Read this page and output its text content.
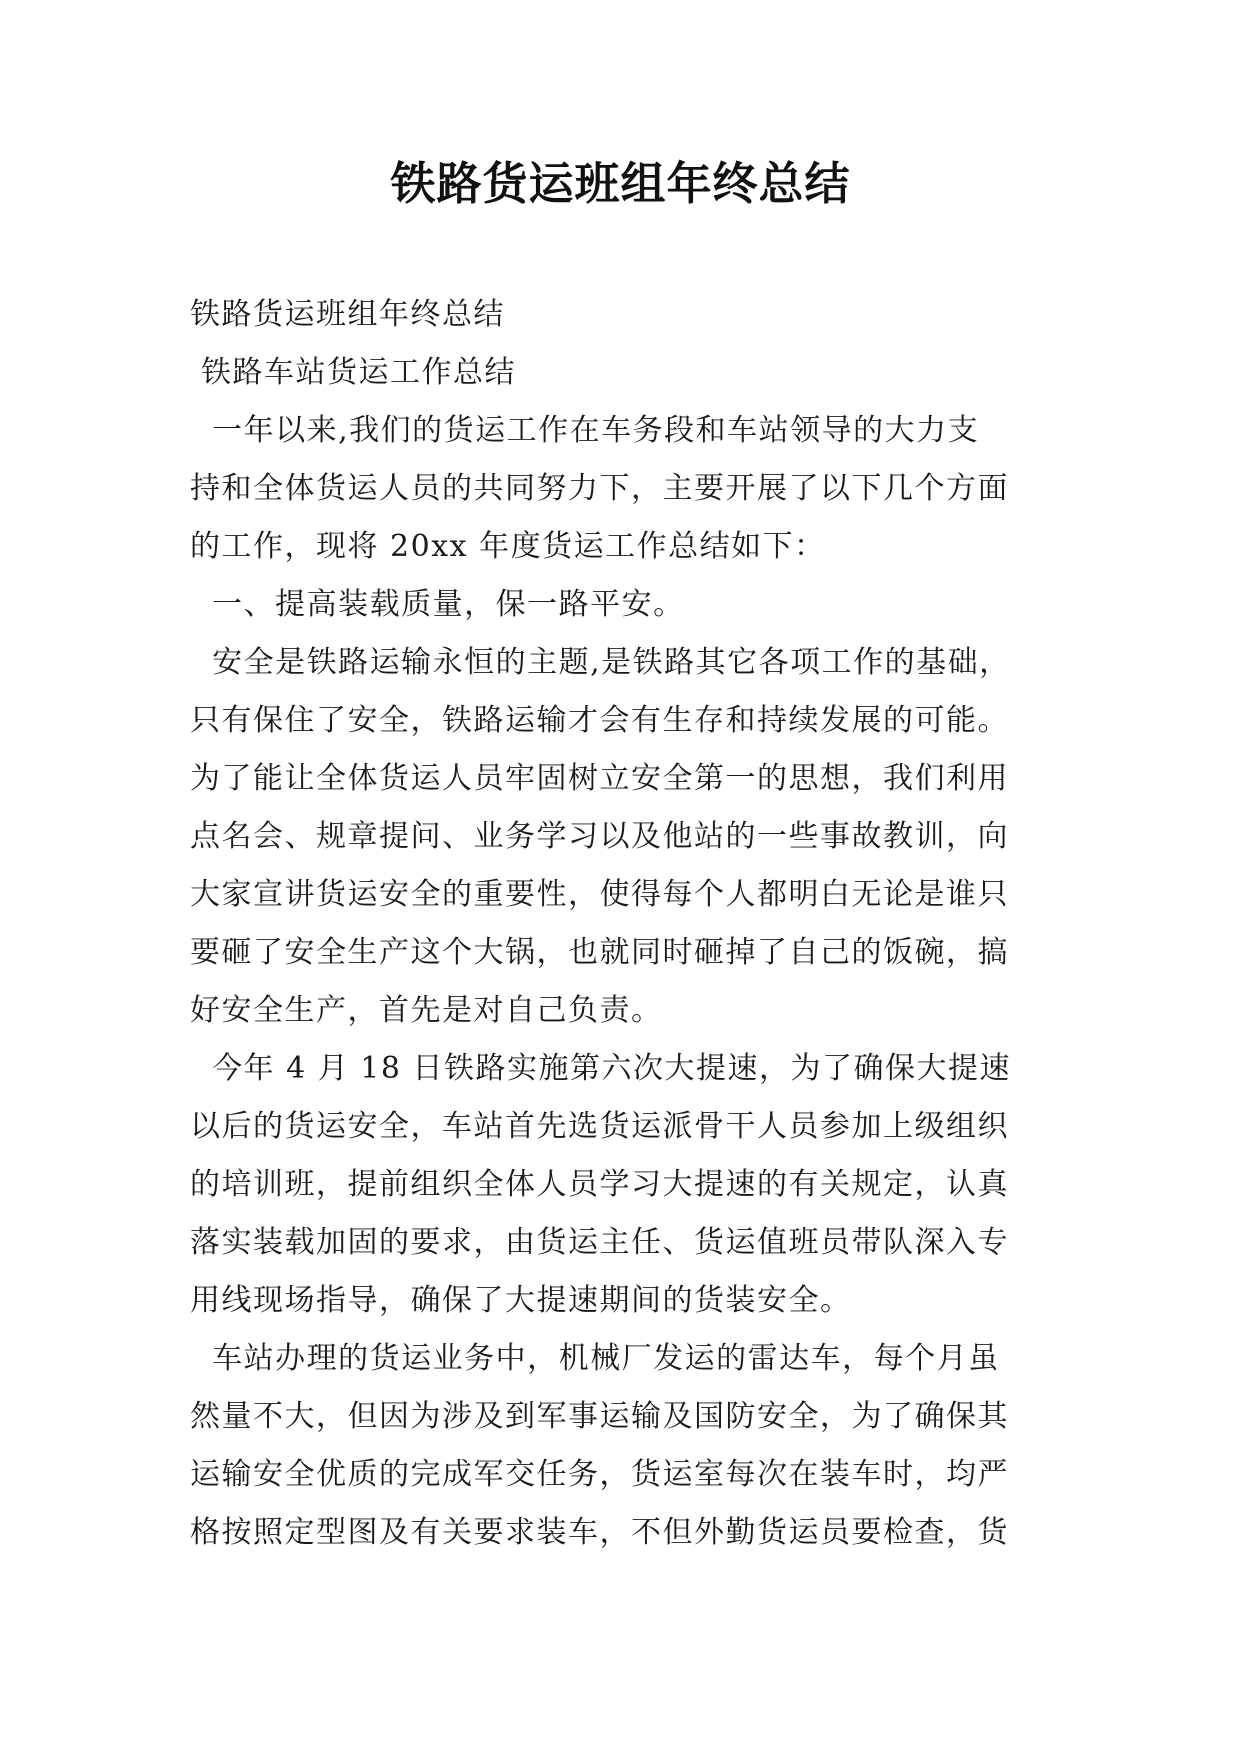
铁路货运班组年终总结
铁路货运班组年终总结
铁路车站货运工作总结
一年以来,我们的货运工作在车务段和车站领导的大力支
持和全体货运人员的共同努力下，主要开展了以下几个方面
的工作，现将 20xx 年度货运工作总结如下：
一、提高装载质量，保一路平安。
安全是铁路运输永恒的主题,是铁路其它各项工作的基础，
只有保住了安全，铁路运输才会有生存和持续发展的可能。
为了能让全体货运人员牢固树立安全第一的思想，我们利用
点名会、规章提问、业务学习以及他站的一些事故教训，向
大家宣讲货运安全的重要性，使得每个人都明白无论是谁只
要砸了安全生产这个大锅，也就同时砸掉了自己的饭碗，搞
好安全生产，首先是对自己负责。
今年 4 月 18 日铁路实施第六次大提速，为了确保大提速
以后的货运安全，车站首先选货运派骨干人员参加上级组织
的培训班，提前组织全体人员学习大提速的有关规定，认真
落实装载加固的要求，由货运主任、货运值班员带队深入专
用线现场指导，确保了大提速期间的货装安全。
车站办理的货运业务中，机械厂发运的雷达车，每个月虽
然量不大，但因为涉及到军事运输及国防安全，为了确保其
运输安全优质的完成军交任务，货运室每次在装车时，均严
格按照定型图及有关要求装车，不但外勤货运员要检查，货
